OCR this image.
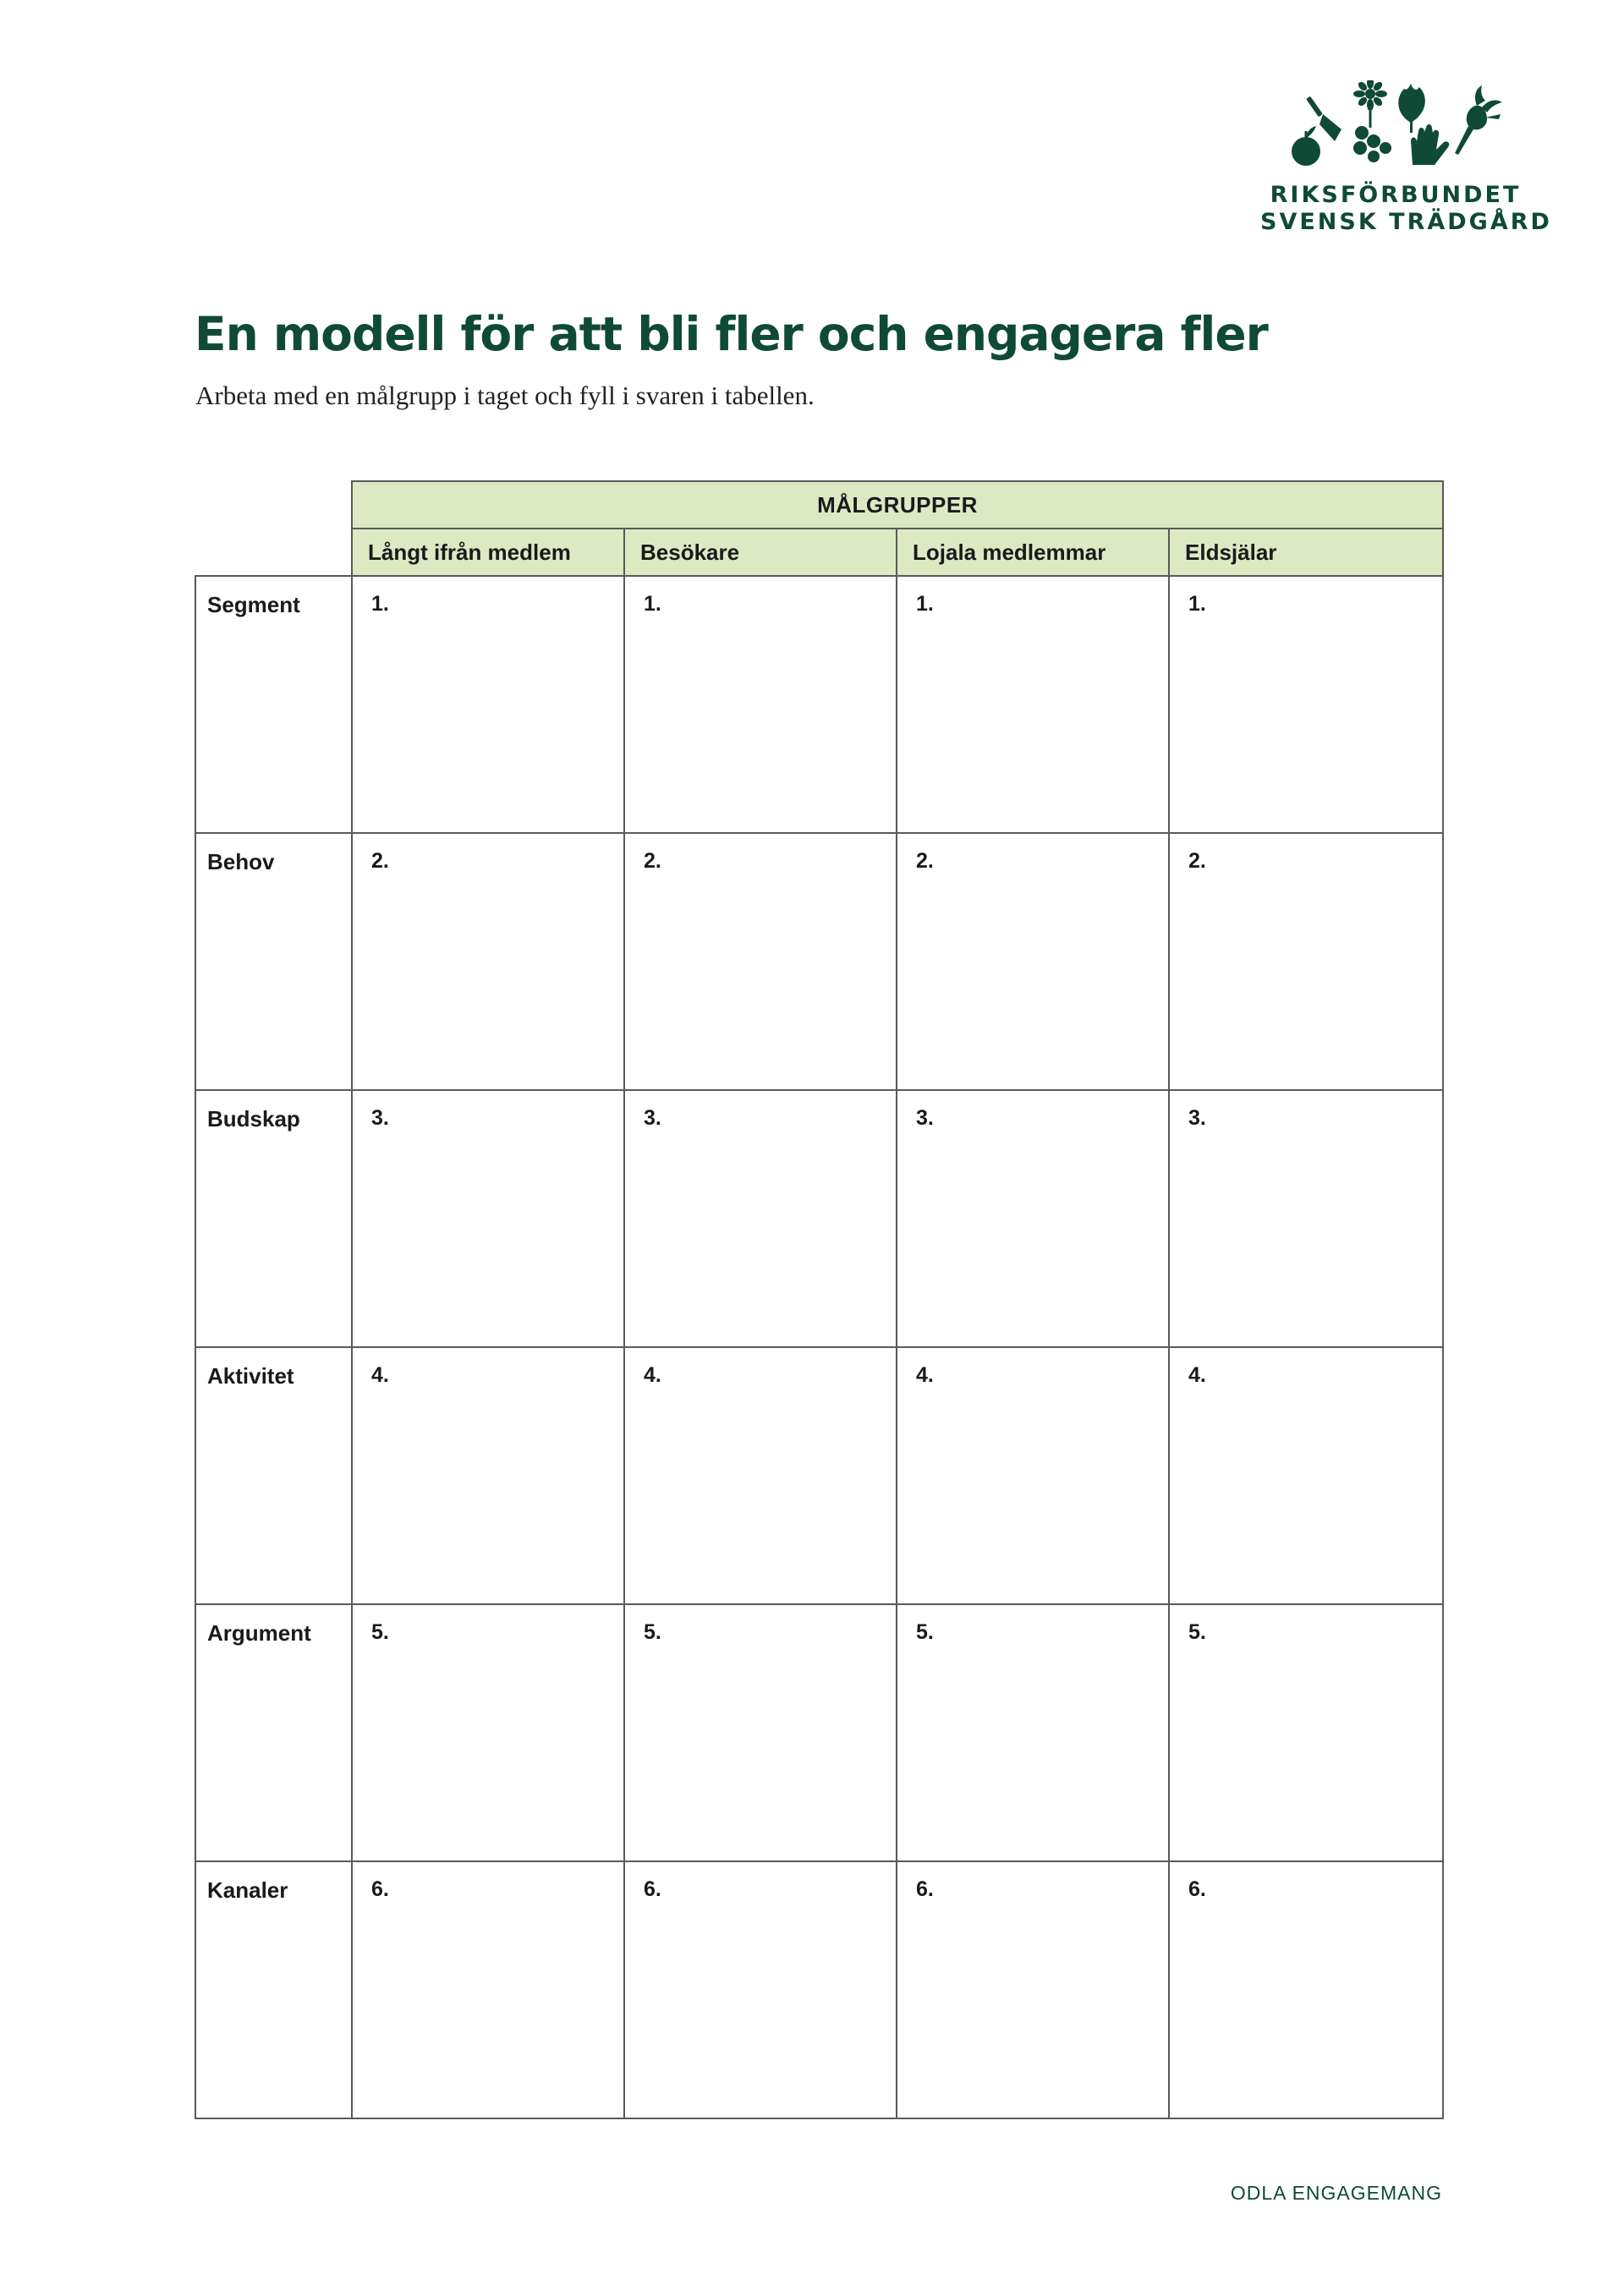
RIKSFÖRBUNDET
SVENSK TRÄDGÅRD
En modell för att bli fler och engagera fler

Arbeta med en målgrupp i taget och fyll i svaren i tabellen.

	MÅLGRUPPER			
	Långt ifrån medlem	Besökare	Lojala medlemmar	Eldsjälar
Segment	1.	1.	1.	1.
Behov	2.	2.	2.	2.
Budskap	3.	3.	3.	3.
Aktivitet	4.	4.	4.	4.
Argument	5.	5.	5.	5.
Kanaler	6.	6.	6.	6.
ODLA ENGAGEMANG
